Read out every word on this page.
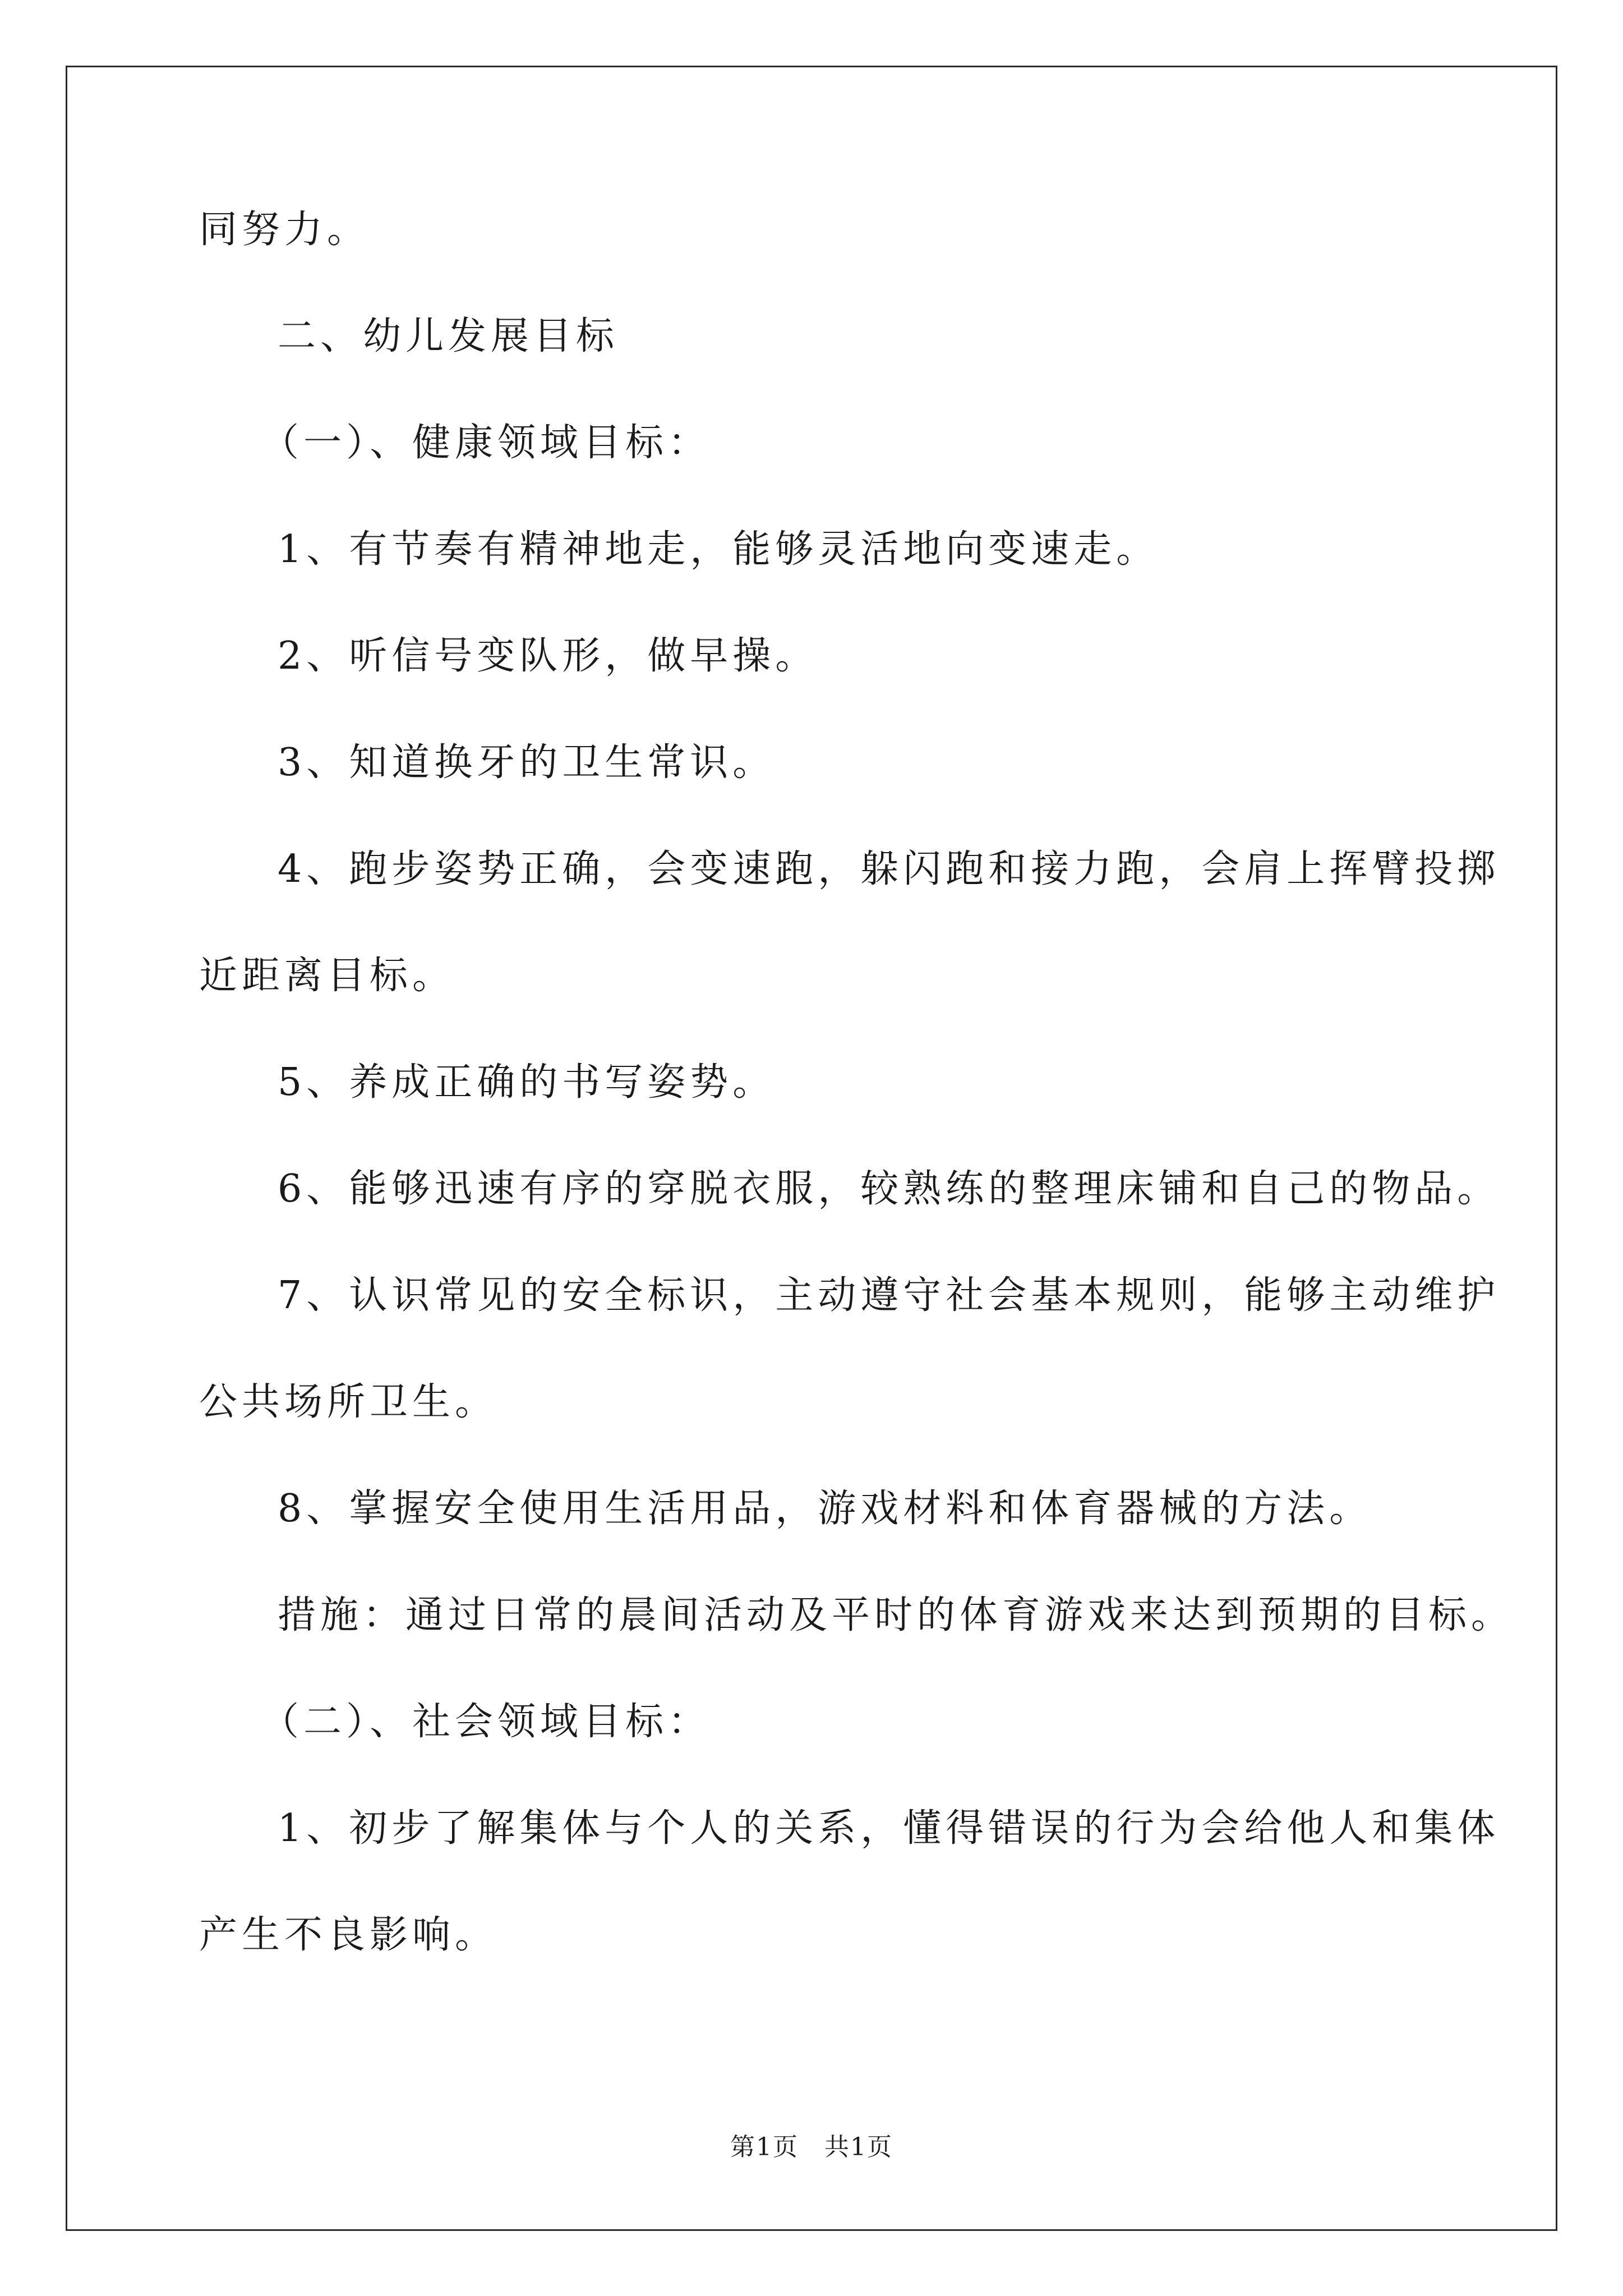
同努力。
二、幼儿发展目标
（一）、健康领域目标：
1、有节奏有精神地走，能够灵活地向变速走。
2、听信号变队形，做早操。
3、知道换牙的卫生常识。
4、跑步姿势正确，会变速跑，躲闪跑和接力跑，会肩上挥臂投掷
近距离目标。
5、养成正确的书写姿势。
6、能够迅速有序的穿脱衣服，较熟练的整理床铺和自己的物品。
7、认识常见的安全标识，主动遵守社会基本规则，能够主动维护
公共场所卫生。
8、掌握安全使用生活用品，游戏材料和体育器械的方法。
措施：通过日常的晨间活动及平时的体育游戏来达到预期的目标。
（二）、社会领域目标：
1、初步了解集体与个人的关系，懂得错误的行为会给他人和集体
产生不良影响。
第1页　共1页
